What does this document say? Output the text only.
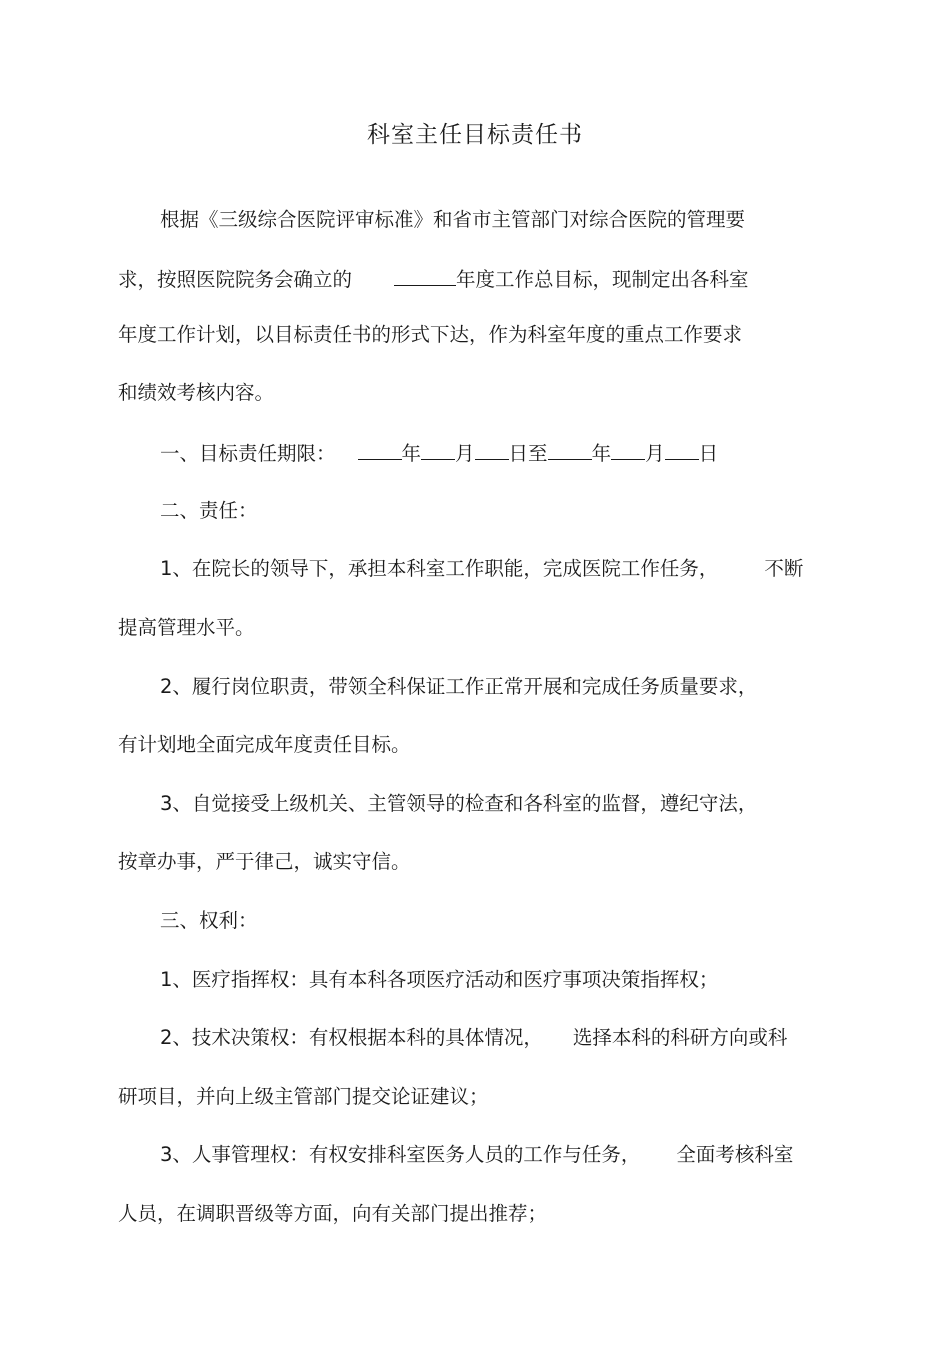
科室主任目标责任书
根据《三级综合医院评审标准》和省市主管部门对综合医院的管理要
求，按照医院院务会确立的	年度工作总目标，现制定出各科室
年度工作计划，以目标责任书的形式下达，作为科室年度的重点工作要求
和绩效考核内容。
一、目标责任期限：	年 月 日至 年 月 日
二、责任：
1、在院长的领导下，承担本科室工作职能，完成医院工作任务， 不断
提高管理水平。
2、履行岗位职责，带领全科保证工作正常开展和完成任务质量要求，
有计划地全面完成年度责任目标。
3、自觉接受上级机关、主管领导的检查和各科室的监督，遵纪守法，
按章办事，严于律己，诚实守信。
三、权利：
1、医疗指挥权：具有本科各项医疗活动和医疗事项决策指挥权；
2、技术决策权：有权根据本科的具体情况， 选择本科的科研方向或科
研项目，并向上级主管部门提交论证建议；
3、人事管理权：有权安排科室医务人员的工作与任务， 全面考核科室
人员，在调职晋级等方面，向有关部门提出推荐；
